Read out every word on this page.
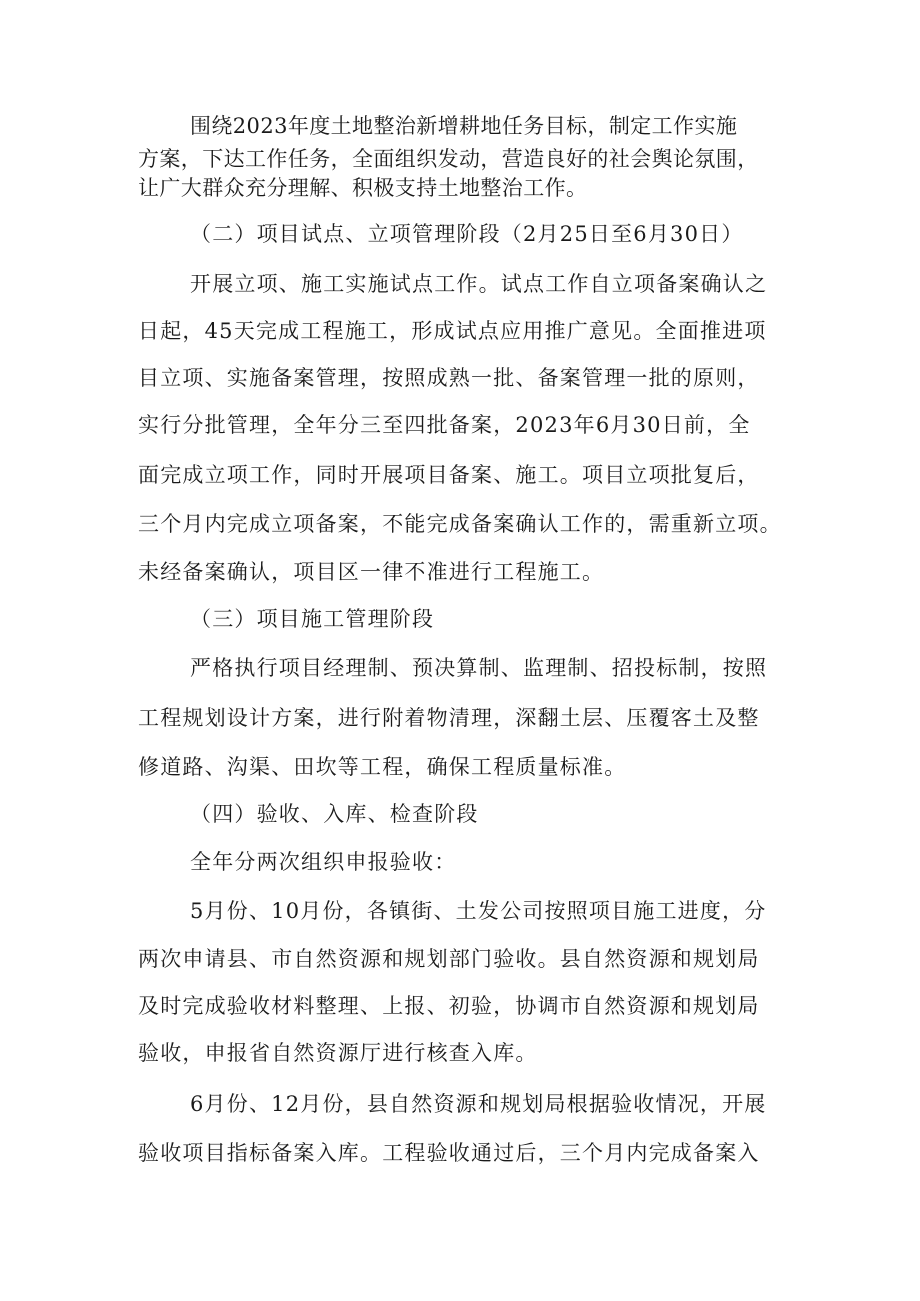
围绕2023年度土地整治新增耕地任务目标，制定工作实施
方案，下达工作任务，全面组织发动，营造良好的社会舆论氛围，
让广大群众充分理解、积极支持土地整治工作。
（二）项目试点、立项管理阶段（2月25日至6月30日）
开展立项、施工实施试点工作。试点工作自立项备案确认之
日起，45天完成工程施工，形成试点应用推广意见。全面推进项
目立项、实施备案管理，按照成熟一批、备案管理一批的原则，
实行分批管理，全年分三至四批备案，2023年6月30日前，全
面完成立项工作，同时开展项目备案、施工。项目立项批复后，
三个月内完成立项备案，不能完成备案确认工作的，需重新立项。
未经备案确认，项目区一律不准进行工程施工。
（三）项目施工管理阶段
严格执行项目经理制、预决算制、监理制、招投标制，按照
工程规划设计方案，进行附着物清理，深翻土层、压覆客土及整
修道路、沟渠、田坎等工程，确保工程质量标准。
（四）验收、入库、检查阶段
全年分两次组织申报验收：
5月份、10月份，各镇街、土发公司按照项目施工进度，分
两次申请县、市自然资源和规划部门验收。县自然资源和规划局
及时完成验收材料整理、上报、初验，协调市自然资源和规划局
验收，申报省自然资源厅进行核查入库。
6月份、12月份，县自然资源和规划局根据验收情况，开展
验收项目指标备案入库。工程验收通过后，三个月内完成备案入
